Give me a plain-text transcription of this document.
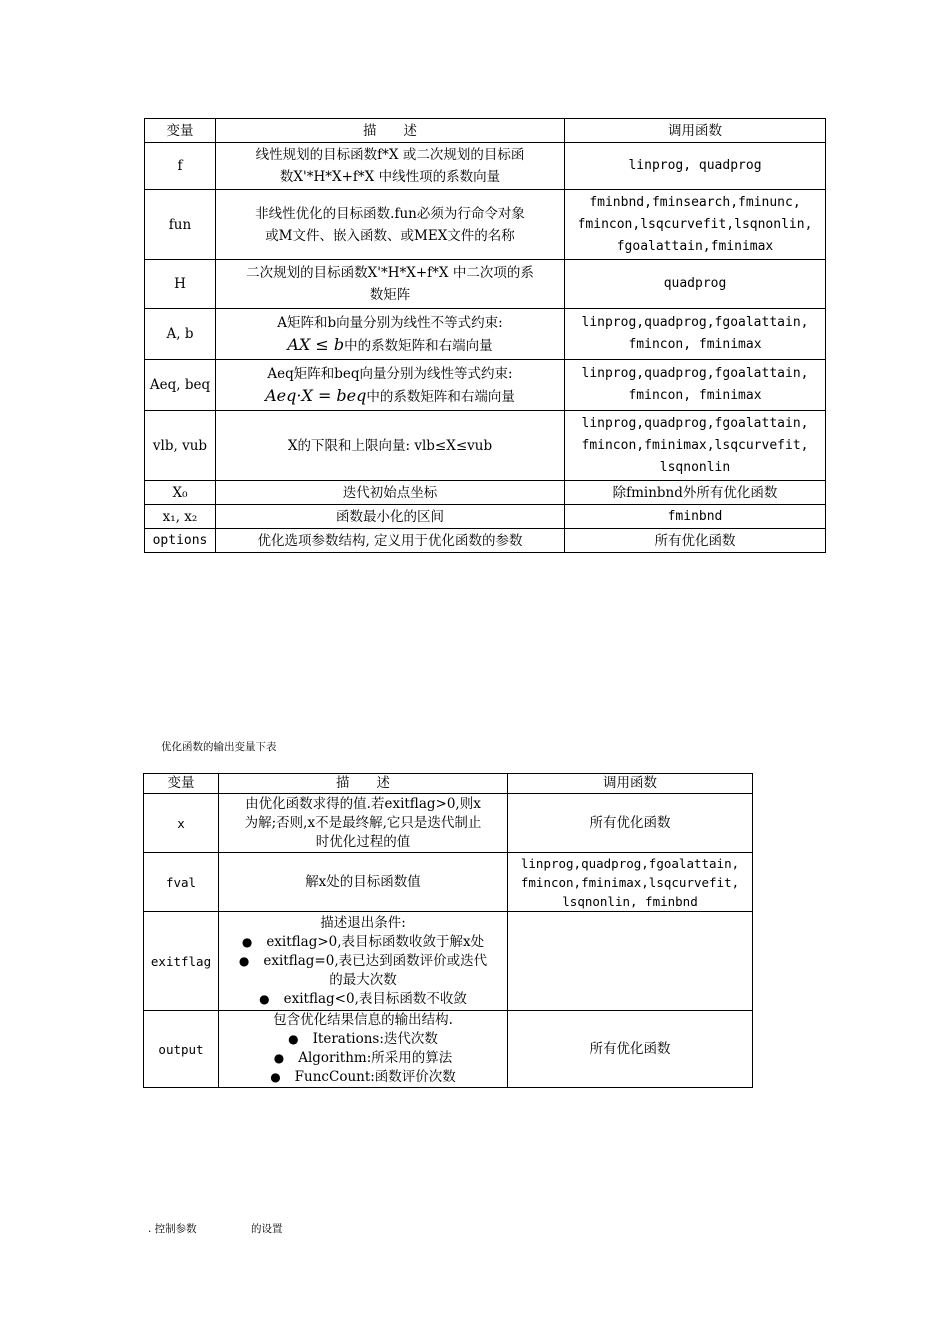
变量	描　　述	调用函数
f	线性规划的目标函数f*X 或二次规划的目标函
数X'*H*X+f*X 中线性项的系数向量	linprog, quadprog

fun	非线性优化的目标函数.fun必须为行命令对象
或M文件、嵌入函数、或MEX文件的名称	fminbnd,fminsearch,fminunc,
fmincon,lsqcurvefit,lsqnonlin,
fgoalattain,fminimax

H	二次规划的目标函数X'*H*X+f*X 中二次项的系
数矩阵	quadprog

A, b	A矩阵和b向量分别为线性不等式约束:
AX ≤ b中的系数矩阵和右端向量	linprog,quadprog,fgoalattain,
fmincon, fminimax

Aeq, beq	Aeq矩阵和beq向量分别为线性等式约束:
Aeq·X = beq中的系数矩阵和右端向量	linprog,quadprog,fgoalattain,
fmincon, fminimax

vlb, vub	X的下限和上限向量: vlb≤X≤vub	linprog,quadprog,fgoalattain,
fmincon,fminimax,lsqcurvefit,
lsqnonlin

X₀	迭代初始点坐标	除fminbnd外所有优化函数

x₁, x₂	函数最小化的区间	fminbnd

options	优化选项参数结构, 定义用于优化函数的参数	所有优化函数
优化函数的输出变量下表
变量	描　　述	调用函数
x	由优化函数求得的值.若exitflag>0,则x
为解;否则,x不是最终解,它只是迭代制止
时优化过程的值	所有优化函数

fval	解x处的目标函数值	linprog,quadprog,fgoalattain,
fmincon,fminimax,lsqcurvefit,
lsqnonlin, fminbnd

exitflag	描述退出条件:
● exitflag>0,表目标函数收敛于解x处
● exitflag=0,表已达到函数评价或迭代
的最大次数
● exitflag<0,表目标函数不收敛	

output	包含优化结果信息的输出结构.
● Iterations:迭代次数
● Algorithm:所采用的算法
● FuncCount:函数评价次数	所有优化函数
. 控制参数	的设置
